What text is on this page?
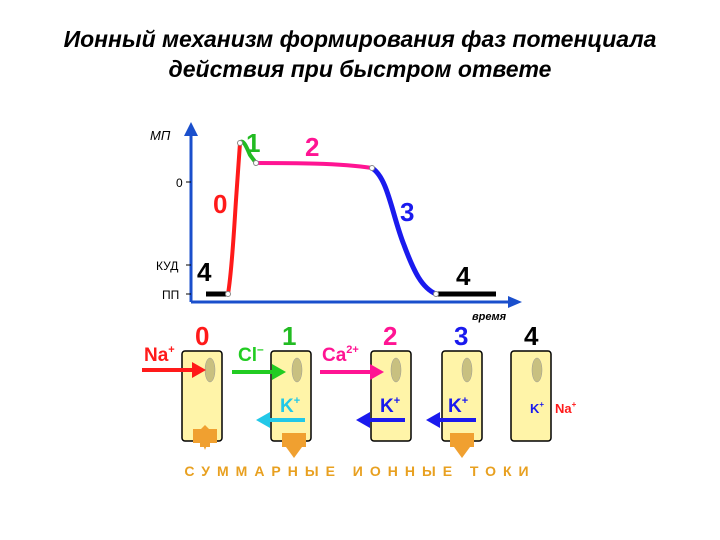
Ионный механизм формирования фаз потенциала
действия при быстром ответе
МП
0
КУД
ПП
время
4
0
1 2
3
4
0	1	2 3 4
Na+	Cl–
K+
$Ca^{2+}$
K+	K+	K+ Na+
СУММАРНЫЕ ИОННЫЕ ТОКИ
